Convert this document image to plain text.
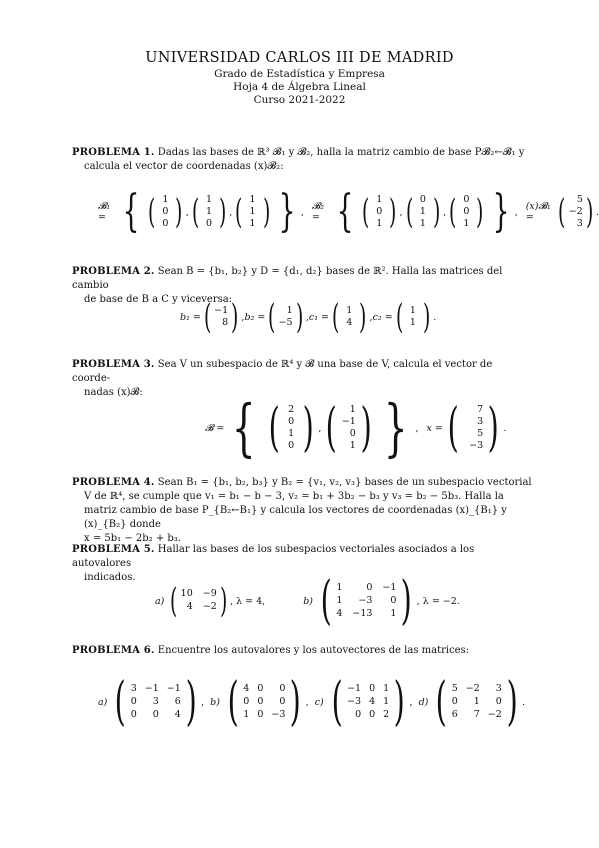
UNIVERSIDAD CARLOS III DE MADRID
Grado de Estadística y Empresa
Hoja 4 de Álgebra Lineal
Curso 2021-2022
PROBLEMA 1. Dadas las bases de ℝ³ 𝓑₁ y 𝓑₂, halla la matriz cambio de base P𝓑₂←𝓑₁ y
calcula el vector de coordenadas (x)𝓑₂:
𝓑₁ = { ( 1
0
0 ) , ( 1
1
0 ) , ( 1
1
1 ) } , 𝓑₂ = { ( 1
0
1 ) , ( 0
1
1 ) , ( 0
0
1 ) } , (x)𝓑₁ = (	5
−2
3 ) .
PROBLEMA 2. Sean B = {b₁, b₂} y D = {d₁, d₂} bases de ℝ². Halla las matrices del cambio
de base de B a C y viceversa:
b₁ = ( −1
8 ) , b₂ = (	1
−5 ) , c₁ = ( 1
4 ) , c₂ = ( 1
1 ) .
PROBLEMA 3. Sea V un subespacio de ℝ⁴ y 𝓑 una base de V, calcula el vector de coorde-
nadas (x)𝓑:
𝓑 = { ( 2
0
1
0 ) , (	1
−1
0
1 ) } , x = (	7
3
5
−3 ) .
PROBLEMA 4. Sean B₁ = {b₁, b₂, b₃} y B₂ = {v₁, v₂, v₃} bases de un subespacio vectorial
V de ℝ⁴, se cumple que v₁ = b₁ − b − 3, v₂ = b₁ + 3b₂ − b₃ y v₃ = b₂ − 5b₃. Halla la
matriz cambio de base P_{B₂←B₁} y calcula los vectores de coordenadas (x)_{B₁} y (x)_{B₂} donde
x = 5b₁ − 2b₂ + b₃.
PROBLEMA 5. Hallar las bases de los subespacios vectoriales asociados a los autovalores
indicados.
a)
( 10 −9
4 −2 ) , λ = 4,	b)
( 1	0 −1
1	−3	0
4 −13	1 ) , λ = −2.
PROBLEMA 6. Encuentre los autovalores y los autovectores de las matrices:
a)
( 3 −1 −1
0	3	6
0	0	4 ) , b)
( 4 0	0
0 0	0
1 0 −3 ) , c)
( −1 0 1
−3 4 1
0 0 2 ) , d)
( 5 −2	3
0	1	0
6	7 −2 ) .
